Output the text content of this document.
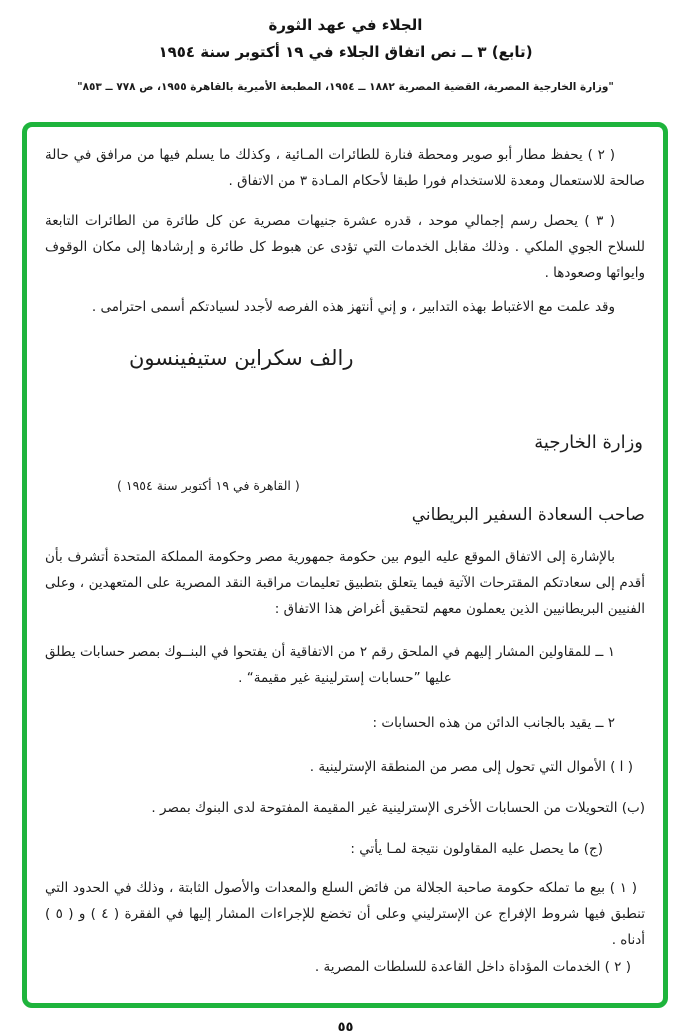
الجلاء في عهد الثورة
(تابع) ٣ ــ نص اتفاق الجلاء في ١٩ أكتوبر سنة ١٩٥٤
"وزارة الخارجية المصرية، القضية المصرية ١٨٨٢ ــ ١٩٥٤، المطبعة الأميرية بالقاهرة ١٩٥٥، ص ٧٧٨ ــ ٨٥٣"
( ٢ ) يحفظ مطار أبو صوير ومحطة فنارة للطائرات المـائية ، وكذلك ما يسلم فيها من مرافق في حالة صالحة للاستعمال ومعدة للاستخدام فورا طبقا لأحكام المـادة ٣ من الاتفاق .
( ٣ ) يحصل رسم إجمالي موحد ، قدره عشرة جنيهات مصرية عن كل طائرة من الطائرات التابعة للسلاح الجوي الملكي . وذلك مقابل الخدمات التي تؤدى عن هبوط كل طائرة و إرشادها إلى مكان الوقوف وايوائها وصعودها .
وقد علمت مع الاغتباط بهذه التدابير ، و إني أنتهز هذه الفرصه لأجدد لسيادتكم أسمى احترامى .
رالف سكراين ستيفينسون
وزارة الخارجية
( القاهرة في ١٩ أكتوبر سنة ١٩٥٤ )
صاحب السعادة السفير البريطاني
بالإشارة إلى الاتفاق الموقع عليه اليوم بين حكومة جمهورية مصر وحكومة المملكة المتحدة أتشرف بأن أقدم إلى سعادتكم المقترحات الآتية فيما يتعلق بتطبيق تعليمات مراقبة النقد المصرية على المتعهدين ، وعلى الفنيين البريطانيين الذين يعملون معهم لتحقيق أغراض هذا الاتفاق :
١ ــ للمقاولين المشار إليهم في الملحق رقم ٢ من الاتفاقية أن يفتحوا في البنــوك بمصر حسابات يطلق عليها ”حسابات إسترلينية غير مقيمة“ .
٢ ــ يقيد بالجانب الدائن من هذه الحسابات :
( ا ) الأموال التي تحول إلى مصر من المنطقة الإسترلينية .
(ب) التحويلات من الحسابات الأخرى الإسترلينية غير المقيمة المفتوحة لدى البنوك بمصر .
(ج) ما يحصل عليه المقاولون نتيجة لمـا يأتي :
( ١ ) بيع ما تملكه حكومة صاحبة الجلالة من فائض السلع والمعدات والأصول الثابتة ، وذلك في الحدود التي تنطبق فيها شروط الإفراج عن الإسترليني وعلى أن تخضع للإجراءات المشار إليها في الفقرة ( ٤ ) و ( ٥ ) أدناه .
( ٢ ) الخدمات المؤداة داخل القاعدة للسلطات المصرية .
٥٥
